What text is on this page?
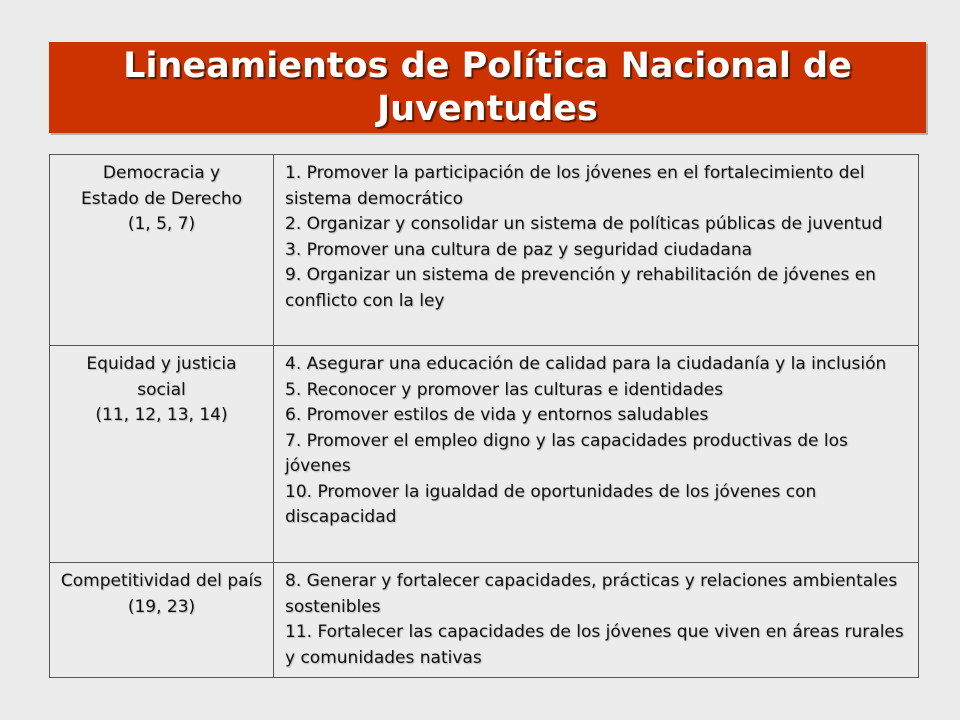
Lineamientos de Política Nacional de Juventudes
Democracia y Estado de Derecho
(1, 5, 7)	1. Promover la participación de los jóvenes en el fortalecimiento del sistema democrático
2. Organizar y consolidar un sistema de políticas públicas de juventud
3. Promover una cultura de paz y seguridad ciudadana
9. Organizar un sistema de prevención y rehabilitación de jóvenes en conflicto con la ley

Equidad y justicia social
(11, 12, 13, 14)	4. Asegurar una educación de calidad para la ciudadanía y la inclusión
5. Reconocer y promover las culturas e identidades
6. Promover estilos de vida y entornos saludables
7. Promover el empleo digno y las capacidades productivas de los jóvenes
10. Promover la igualdad de oportunidades de los jóvenes con discapacidad

Competitividad del país
(19, 23)	8. Generar y fortalecer capacidades, prácticas y relaciones ambientales sostenibles
11. Fortalecer las capacidades de los jóvenes que viven en áreas rurales y comunidades nativas
